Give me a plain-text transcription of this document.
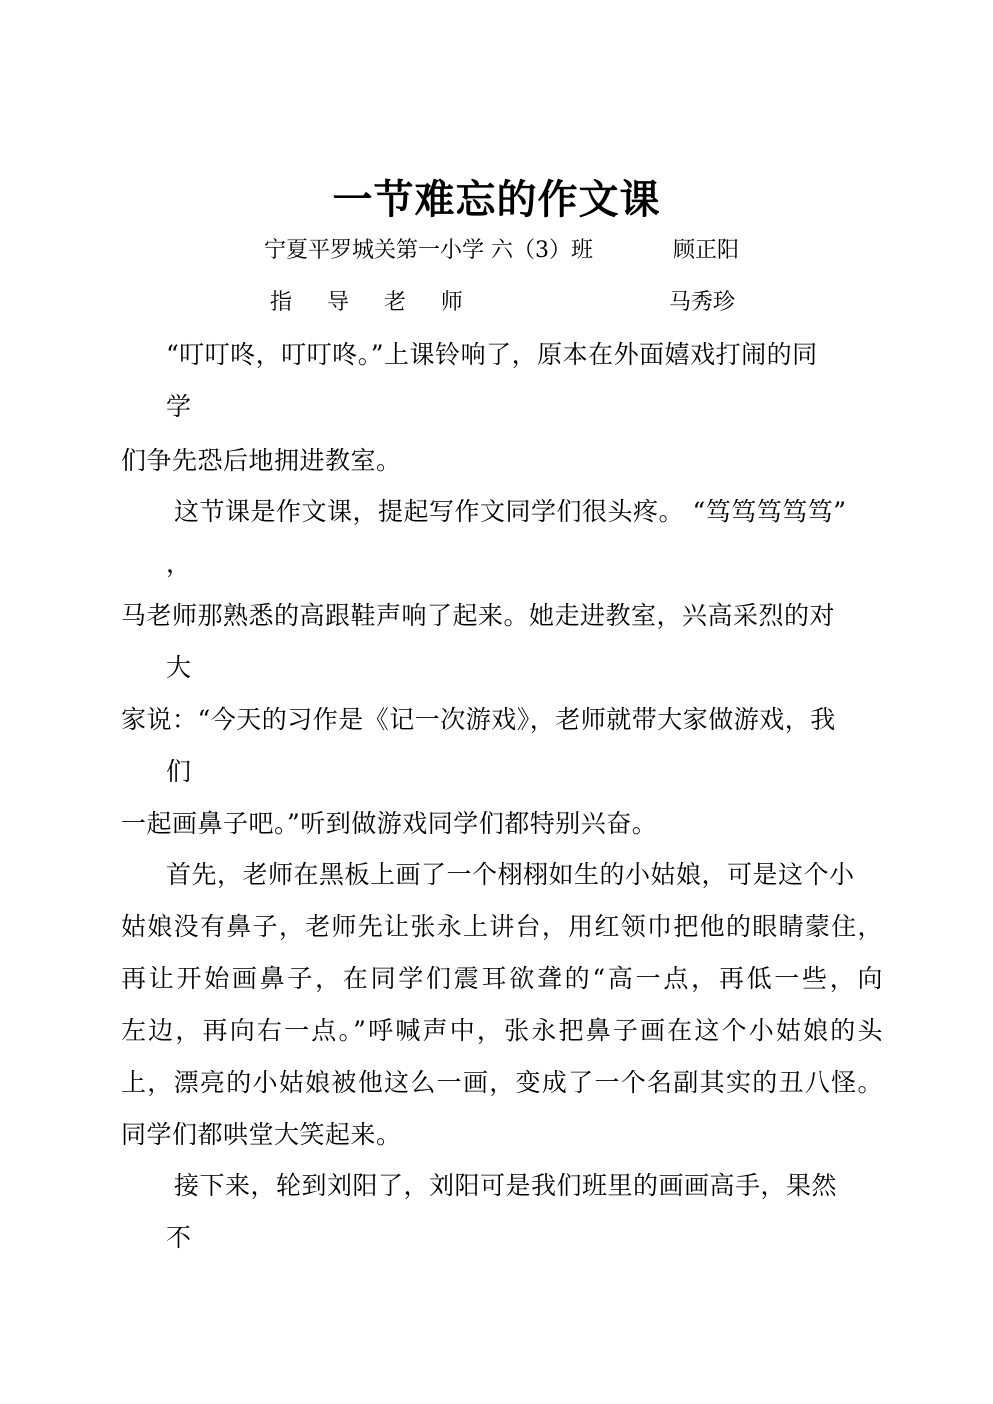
一节难忘的作文课
宁夏平罗城关第一小学 六（3）班	顾正阳
指     导     老     师	马秀珍
“叮叮咚，叮叮咚。”上课铃响了，原本在外面嬉戏打闹的同
学
们争先恐后地拥进教室。
这节课是作文课，提起写作文同学们很头疼。 “笃笃笃笃笃”
，
马老师那熟悉的高跟鞋声响了起来。她走进教室，兴高采烈的对
大
家说：“今天的习作是《记一次游戏》，老师就带大家做游戏，我
们
一起画鼻子吧。”听到做游戏同学们都特别兴奋。
首先，老师在黑板上画了一个栩栩如生的小姑娘，可是这个小
姑娘没有鼻子，老师先让张永上讲台，用红领巾把他的眼睛蒙住，
再让开始画鼻子，在同学们震耳欲聋的“高一点，再低一些，向
左边，再向右一点。”呼喊声中，张永把鼻子画在这个小姑娘的头
上，漂亮的小姑娘被他这么一画，变成了一个名副其实的丑八怪。
同学们都哄堂大笑起来。
接下来，轮到刘阳了，刘阳可是我们班里的画画高手，果然
不
